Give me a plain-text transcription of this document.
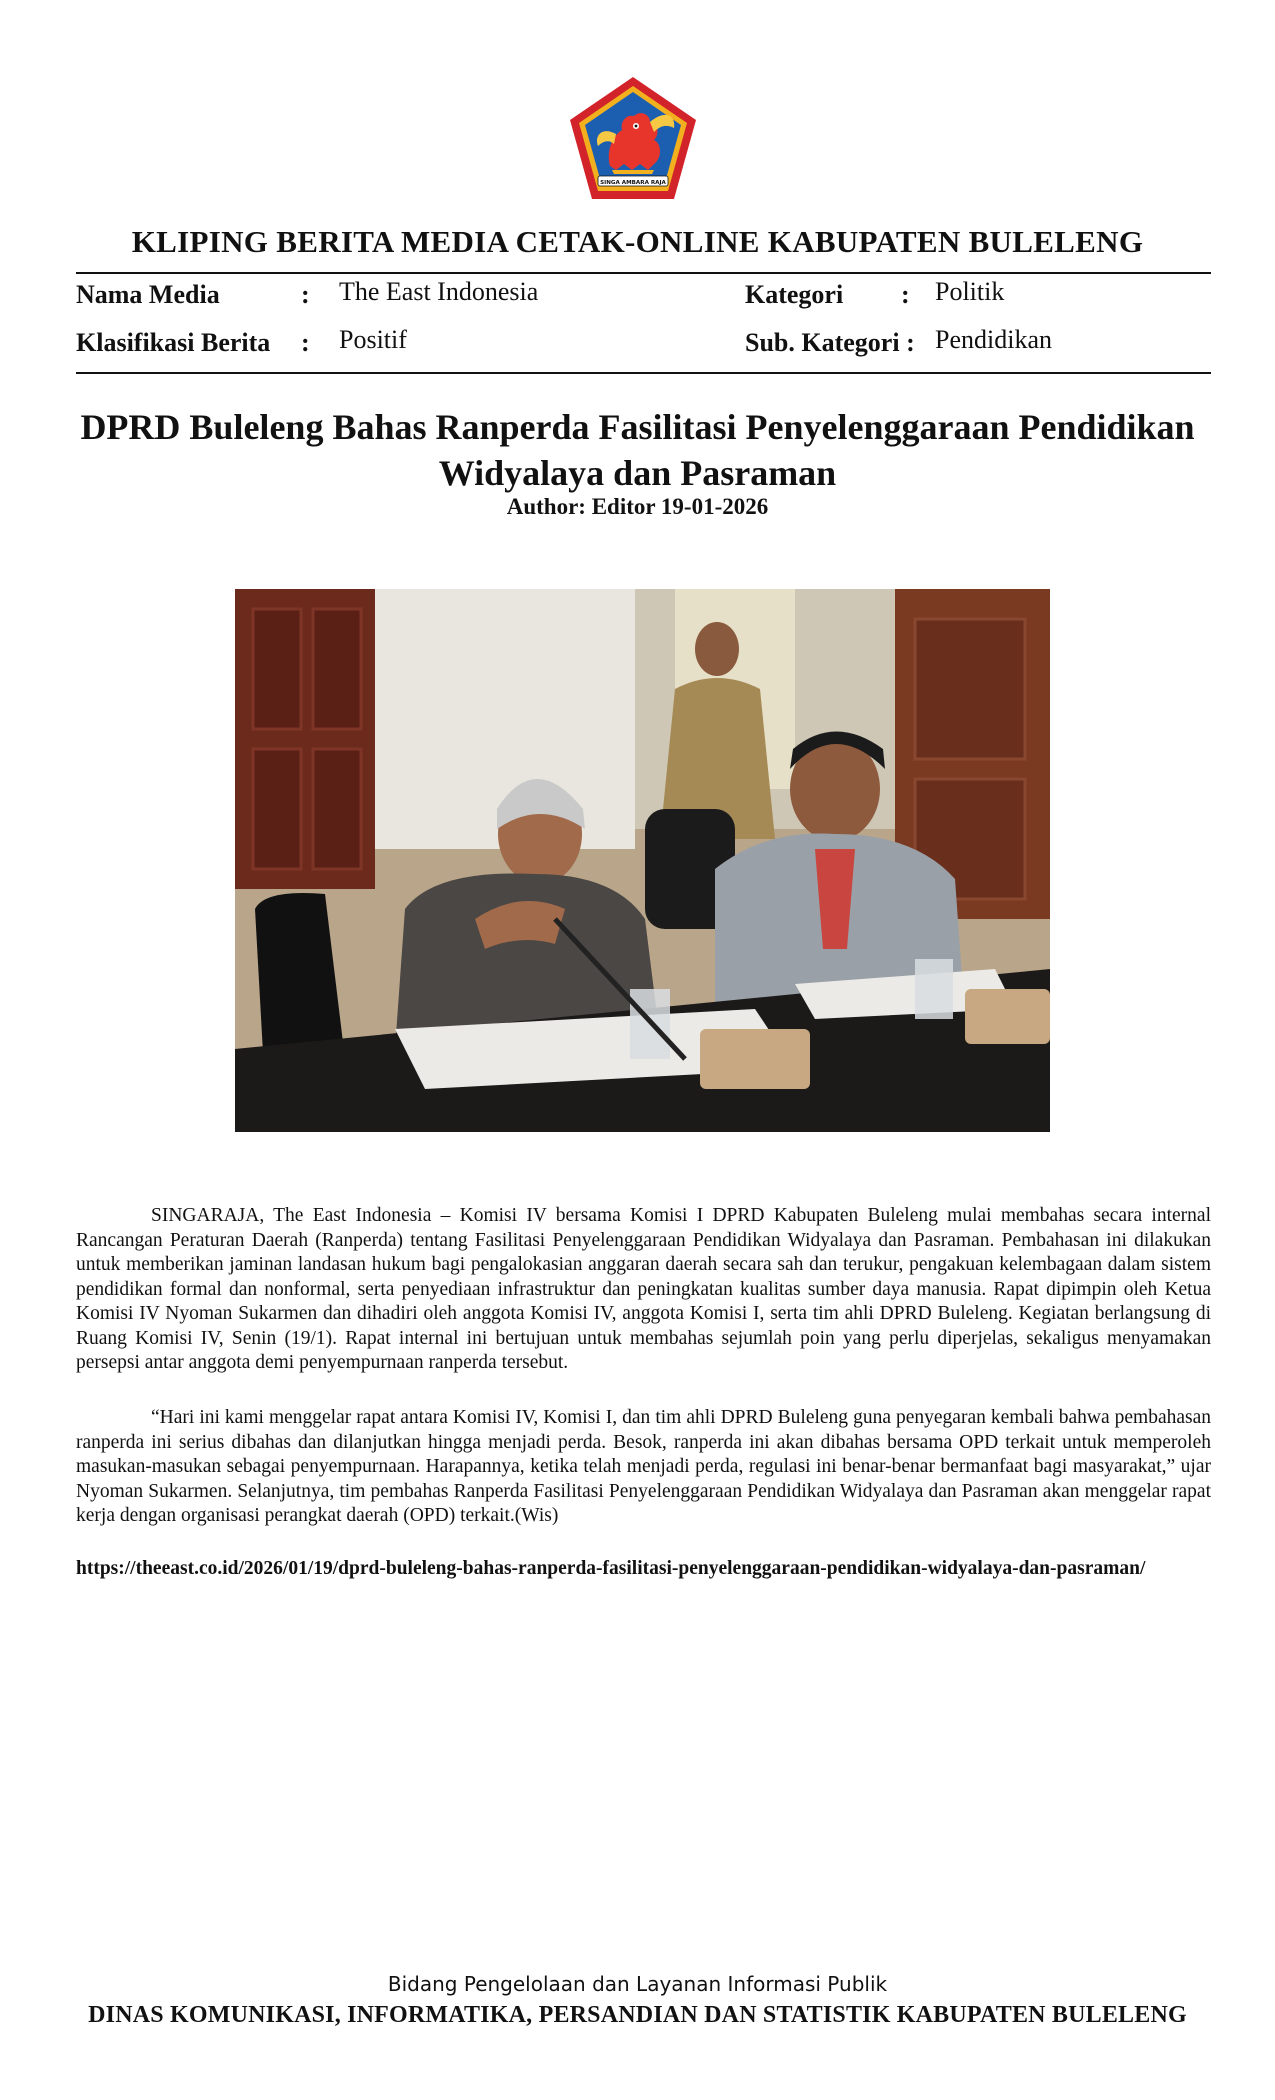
SINGA AMBARA RAJA
KLIPING BERITA MEDIA CETAK-ONLINE KABUPATEN BULELENG
Nama Media	: The East Indonesia	Kategori : Politik
Klasifikasi Berita : Positif	Sub. Kategori : Pendidikan
DPRD Buleleng Bahas Ranperda Fasilitasi Penyelenggaraan Pendidikan Widyalaya dan Pasraman
Author: Editor 19-01-2026

SINGARAJA, The East Indonesia – Komisi IV bersama Komisi I DPRD Kabupaten Buleleng mulai membahas secara internal Rancangan Peraturan Daerah (Ranperda) tentang Fasilitasi Penyelenggaraan Pendidikan Widyalaya dan Pasraman. Pembahasan ini dilakukan untuk memberikan jaminan landasan hukum bagi pengalokasian anggaran daerah secara sah dan terukur, pengakuan kelembagaan dalam sistem pendidikan formal dan nonformal, serta penyediaan infrastruktur dan peningkatan kualitas sumber daya manusia. Rapat dipimpin oleh Ketua Komisi IV Nyoman Sukarmen dan dihadiri oleh anggota Komisi IV, anggota Komisi I, serta tim ahli DPRD Buleleng. Kegiatan berlangsung di Ruang Komisi IV, Senin (19/1). Rapat internal ini bertujuan untuk membahas sejumlah poin yang perlu diperjelas, sekaligus menyamakan persepsi antar anggota demi penyempurnaan ranperda tersebut.

“Hari ini kami menggelar rapat antara Komisi IV, Komisi I, dan tim ahli DPRD Buleleng guna penyegaran kembali bahwa pembahasan ranperda ini serius dibahas dan dilanjutkan hingga menjadi perda. Besok, ranperda ini akan dibahas bersama OPD terkait untuk memperoleh masukan-masukan sebagai penyempurnaan. Harapannya, ketika telah menjadi perda, regulasi ini benar-benar bermanfaat bagi masyarakat,” ujar Nyoman Sukarmen. Selanjutnya, tim pembahas Ranperda Fasilitasi Penyelenggaraan Pendidikan Widyalaya dan Pasraman akan menggelar rapat kerja dengan organisasi perangkat daerah (OPD) terkait.(Wis)

https://theeast.co.id/2026/01/19/dprd-buleleng-bahas-ranperda-fasilitasi-penyelenggaraan-pendidikan-widyalaya-dan-pasraman/
Bidang Pengelolaan dan Layanan Informasi Publik
DINAS KOMUNIKASI, INFORMATIKA, PERSANDIAN DAN STATISTIK KABUPATEN BULELENG
